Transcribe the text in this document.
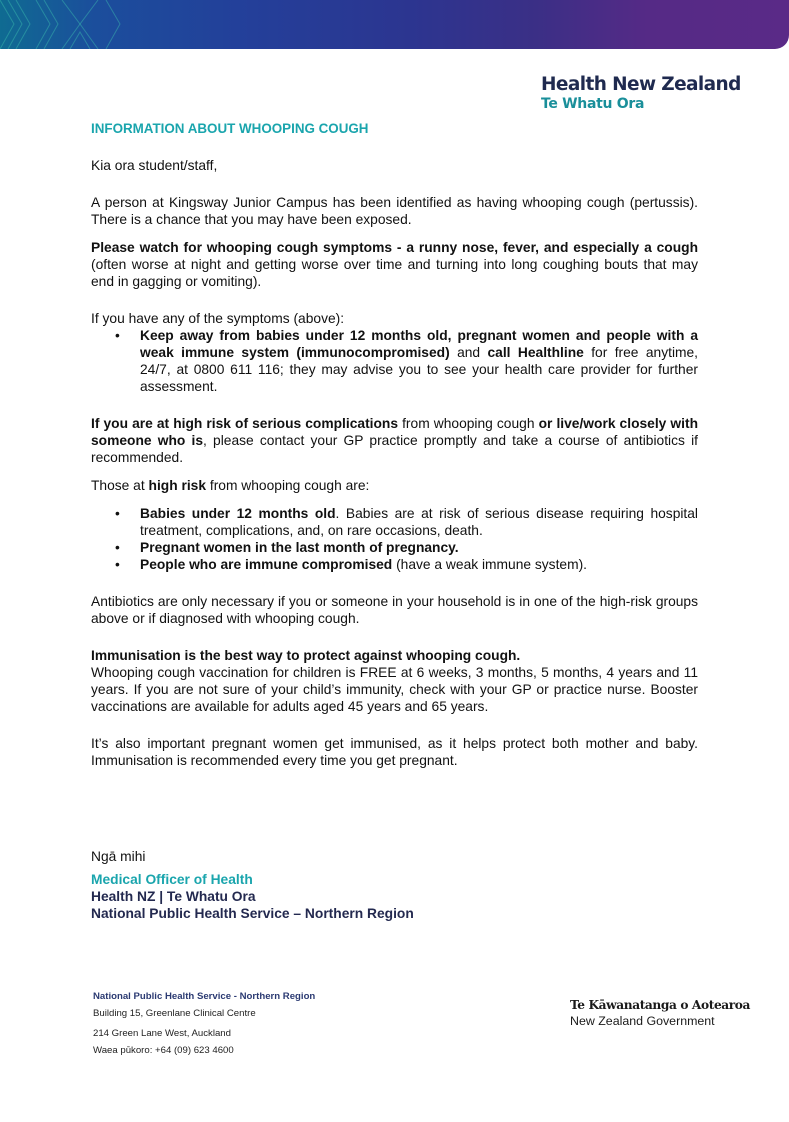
Health New Zealand
Te Whatu Ora
INFORMATION ABOUT WHOOPING COUGH

Kia ora student/staff,

A person at Kingsway Junior Campus has been identified as having whooping cough (pertussis). There is a chance that you may have been exposed.

Please watch for whooping cough symptoms - a runny nose, fever, and especially a cough (often worse at night and getting worse over time and turning into long coughing bouts that may end in gagging or vomiting).

If you have any of the symptoms (above):

• Keep away from babies under 12 months old, pregnant women and people with a weak immune system (immunocompromised) and call Healthline for free anytime, 24/7, at 0800 611 116; they may advise you to see your health care provider for further assessment.

If you are at high risk of serious complications from whooping cough or live/work closely with someone who is, please contact your GP practice promptly and take a course of antibiotics if recommended.

Those at high risk from whooping cough are:

• Babies under 12 months old. Babies are at risk of serious disease requiring hospital treatment, complications, and, on rare occasions, death.
• Pregnant women in the last month of pregnancy.
• People who are immune compromised (have a weak immune system).

Antibiotics are only necessary if you or someone in your household is in one of the high-risk groups above or if diagnosed with whooping cough.

Immunisation is the best way to protect against whooping cough.
Whooping cough vaccination for children is FREE at 6 weeks, 3 months, 5 months, 4 years and 11 years. If you are not sure of your child’s immunity, check with your GP or practice nurse. Booster vaccinations are available for adults aged 45 years and 65 years.

It’s also important pregnant women get immunised, as it helps protect both mother and baby. Immunisation is recommended every time you get pregnant.

Ngā mihi
Medical Officer of Health
Health NZ | Te Whatu Ora
National Public Health Service – Northern Region
National Public Health Service - Northern Region
Building 15, Greenlane Clinical Centre
214 Green Lane West, Auckland
Waea pūkoro: +64 (09) 623 4600
Te Kāwanatanga o Aotearoa
New Zealand Government
